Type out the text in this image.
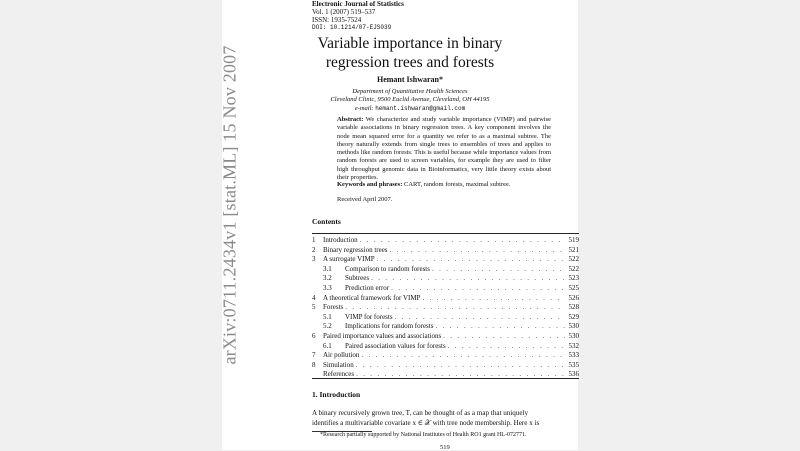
arXiv:0711.2434v1 [stat.ML] 15 Nov 2007
Electronic Journal of Statistics
Vol. 1 (2007) 519–537
ISSN: 1935-7524
DOI: 10.1214/07-EJS039
Variable importance in binary
regression trees and forests
Hemant Ishwaran*
Department of Quantitative Health Sciences
Cleveland Clinic, 9500 Euclid Avenue, Cleveland, OH 44195
e-mail: hemant.ishwaran@gmail.com
Abstract: We characterize and study variable importance (VIMP) and pairwise variable associations in binary regression trees. A key component involves the node mean squared error for a quantity we refer to as a maximal subtree. The theory naturally extends from single trees to ensembles of trees and applies to methods like random forests. This is useful because while importance values from random forests are used to screen variables, for example they are used to filter high throughput genomic data in Bioinformatics, very little theory exists about their properties.
Keywords and phrases: CART, random forests, maximal subtree.
Received April 2007.
Contents
1	Introduction . . .	519
2	Binary regression trees . . .	521
3	A surrogate VIMP . . .	522
3.1	Comparison to random forests . . .	522
3.2	Subtrees . . .	523
3.3	Prediction error . . .	525
4	A theoretical framework for VIMP . . .	526
5	Forests . . .	528
5.1	VIMP for forests . . .	529
5.2	Implications for random forests . . .	530
6	Paired importance values and associations . . .	530
6.1	Paired association values for forests . . .	532
7	Air pollution . . .	533
8	Simulation . . .	535
References . . .	536
1. Introduction
A binary recursively grown tree, T, can be thought of as a map that uniquely
identifies a multivariable covariate x ∈ 𝒳 with tree node membership. Here x is
*Research partially supported by National Institutes of Health RO1 grant HL-072771.
519
